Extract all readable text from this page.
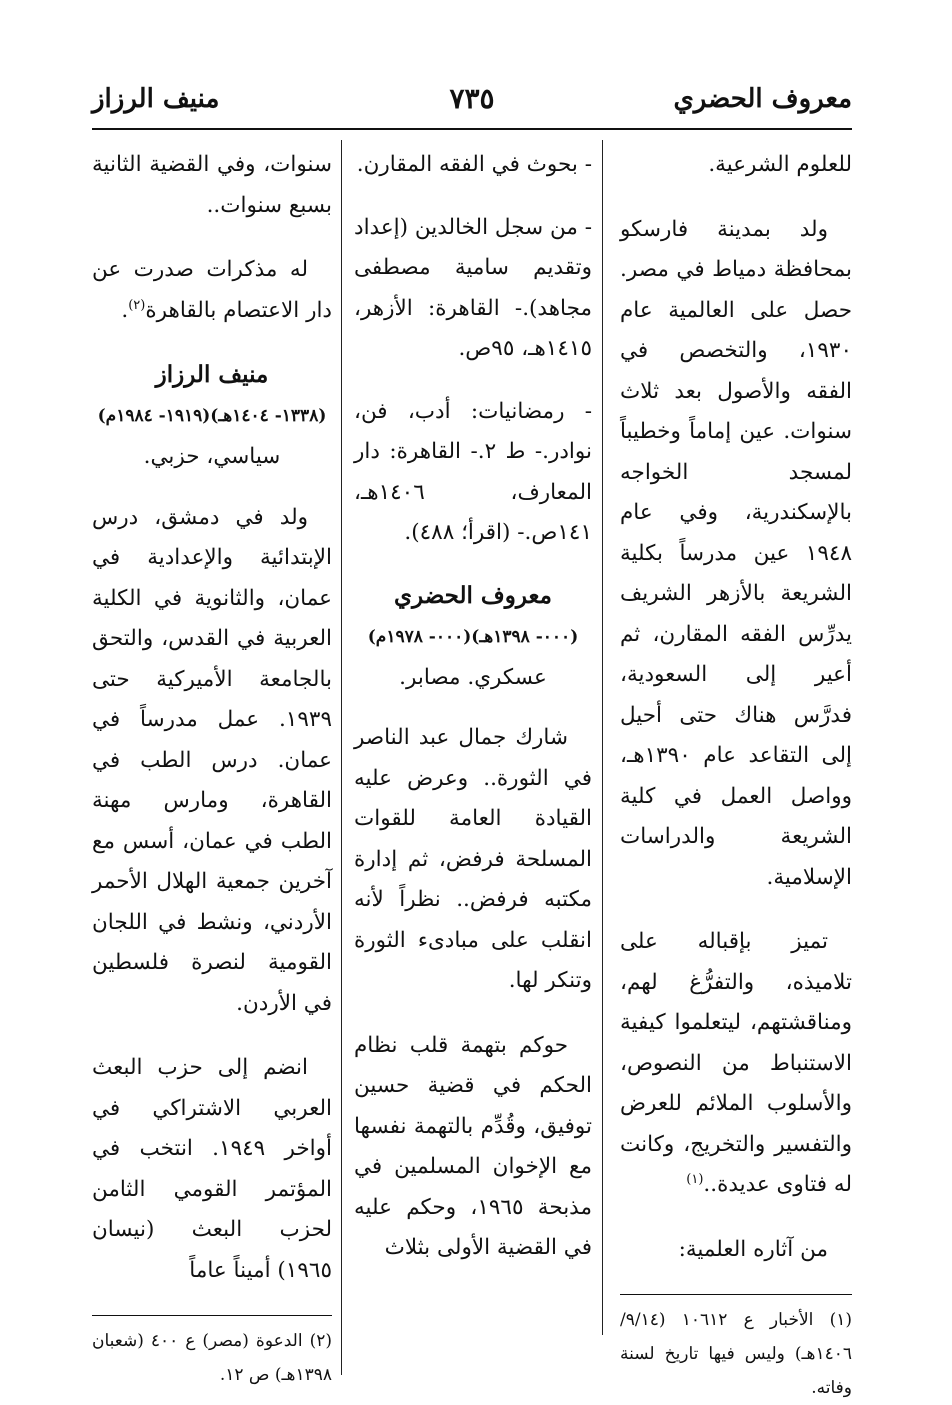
معروف الحضري
٧٣٥
منيف الرزاز

للعلوم الشرعية.

ولد بمدينة فارسكو بمحافظة دمياط في مصر. حصل على العالمية عام ١٩٣٠، والتخصص في الفقه والأصول بعد ثلاث سنوات. عين إماماً وخطيباً لمسجد الخواجه بالإسكندرية، وفي عام ١٩٤٨ عين مدرساً بكلية الشريعة بالأزهر الشريف يدرِّس الفقه المقارن، ثم أعير إلى السعودية، فدرَّس هناك حتى أحيل إلى التقاعد عام ١٣٩٠هـ، وواصل العمل في كلية الشريعة والدراسات الإسلامية.

تميز بإقباله على تلاميذه، والتفرُّغ لهم، ومناقشتهم، ليتعلموا كيفية الاستنباط من النصوص، والأسلوب الملائم للعرض والتفسير والتخريج، وكانت له فتاوى عديدة..$^{(١)}$

من آثاره العلمية:

(١) الأخبار ع ١٠٦١٢ (٩/١٤/ ١٤٠٦هـ) وليس فيها تاريخ لسنة وفاته.

- بحوث في الفقه المقارن.

- من سجل الخالدين (إعداد وتقديم سامية مصطفى مجاهد).- القاهرة: الأزهر، ١٤١٥هـ، ٩٥ص.

- رمضانيات: أدب، فن، نوادر.- ط ٢.- القاهرة: دار المعارف، ١٤٠٦هـ، ١٤١ص.- (اقرأ؛ ٤٨٨).

معروف الحضري
(٠٠٠- ١٣٩٨هـ)(٠٠٠- ١٩٧٨م)
عسكري. مصابر.

شارك جمال عبد الناصر في الثورة.. وعرض عليه القيادة العامة للقوات المسلحة فرفض، ثم إدارة مكتبه فرفض.. نظراً لأنه انقلب على مبادىء الثورة وتنكر لها.

حوكم بتهمة قلب نظام الحكم في قضية حسين توفيق، وقُدِّم بالتهمة نفسها مع الإخوان المسلمين في مذبحة ١٩٦٥، وحكم عليه في القضية الأولى بثلاث

سنوات، وفي القضية الثانية بسبع سنوات..

له مذكرات صدرت عن دار الاعتصام بالقاهرة$^{(٢)}$.

منيف الرزاز
(١٣٣٨- ١٤٠٤هـ)(١٩١٩- ١٩٨٤م)
سياسي، حزبي.

ولد في دمشق، درس الإبتدائية والإعدادية في عمان، والثانوية في الكلية العربية في القدس، والتحق بالجامعة الأميركية حتى ١٩٣٩. عمل مدرساً في عمان. درس الطب في القاهرة، ومارس مهنة الطب في عمان، أسس مع آخرين جمعية الهلال الأحمر الأردني، ونشط في اللجان القومية لنصرة فلسطين في الأردن.

انضم إلى حزب البعث العربي الاشتراكي في أواخر ١٩٤٩. انتخب في المؤتمر القومي الثامن لحزب البعث (نيسان ١٩٦٥) أميناً عاماً

(٢) الدعوة (مصر) ع ٤٠٠ (شعبان ١٣٩٨هـ) ص ١٢.
